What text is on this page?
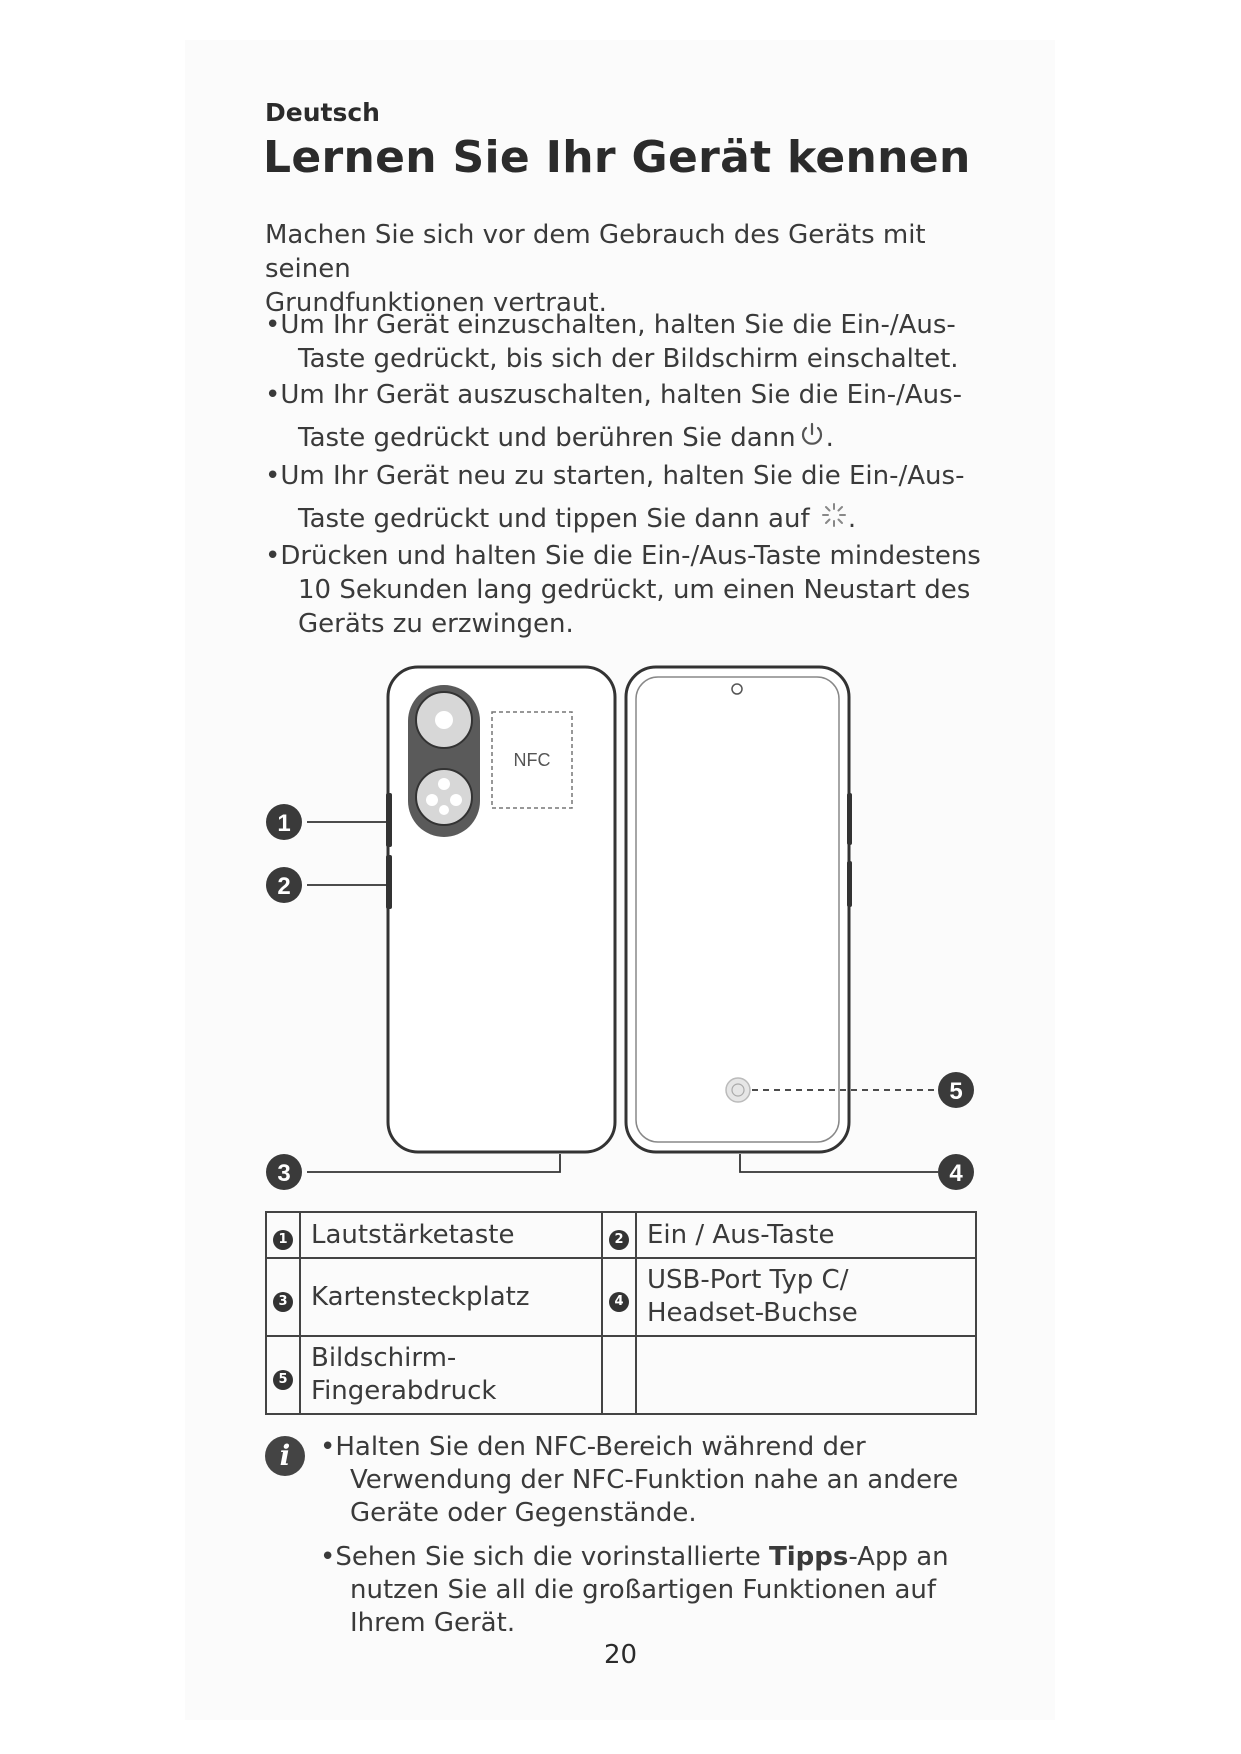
Deutsch
Lernen Sie Ihr Gerät kennen
Machen Sie sich vor dem Gebrauch des Geräts mit seinen
Grundfunktionen vertraut.
•Um Ihr Gerät einzuschalten, halten Sie die Ein-/Aus-
Taste gedrückt, bis sich der Bildschirm einschaltet.
•Um Ihr Gerät auszuschalten, halten Sie die Ein-/Aus-
Taste gedrückt und berühren Sie dann .
•Um Ihr Gerät neu zu starten, halten Sie die Ein-/Aus-
Taste gedrückt und tippen Sie dann auf .
•Drücken und halten Sie die Ein-/Aus-Taste mindestens
10 Sekunden lang gedrückt, um einen Neustart des
Geräts zu erzwingen.
NFC
1
2
3	4
5
1	Lautstärketaste	2	Ein / Aus-Taste
3	Kartensteckplatz	4	USB-Port Typ C/
Headset-Buchse
5	Bildschirm-
Fingerabdruck		
i	•Halten Sie den NFC-Bereich während der
Verwendung der NFC-Funktion nahe an andere
Geräte oder Gegenstände.
•Sehen Sie sich die vorinstallierte Tipps-App an
nutzen Sie all die großartigen Funktionen auf
Ihrem Gerät.
20
